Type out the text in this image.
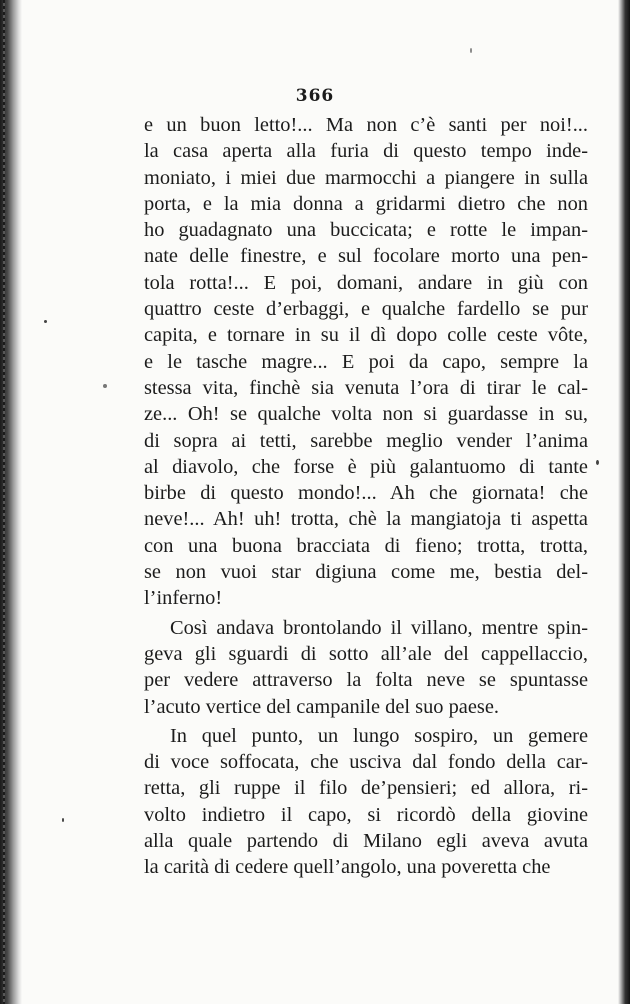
366
e un buon letto!... Ma non c’è santi per noi!...
la casa aperta alla furia di questo tempo inde-
moniato, i miei due marmocchi a piangere in sulla
porta, e la mia donna a gridarmi dietro che non
ho guadagnato una buccicata; e rotte le impan-
nate delle finestre, e sul focolare morto una pen-
tola rotta!... E poi, domani, andare in giù con
quattro ceste d’erbaggi, e qualche fardello se pur
capita, e tornare in su il dì dopo colle ceste vôte,
e le tasche magre... E poi da capo, sempre la
stessa vita, finchè sia venuta l’ora di tirar le cal-
ze... Oh! se qualche volta non si guardasse in su,
di sopra ai tetti, sarebbe meglio vender l’anima
al diavolo, che forse è più galantuomo di tante
birbe di questo mondo!... Ah che giornata! che
neve!... Ah! uh! trotta, chè la mangiatoja ti aspetta
con una buona bracciata di fieno; trotta, trotta,
se non vuoi star digiuna come me, bestia del-
l’inferno!
Così andava brontolando il villano, mentre spin-
geva gli sguardi di sotto all’ale del cappellaccio,
per vedere attraverso la folta neve se spuntasse
l’acuto vertice del campanile del suo paese.
In quel punto, un lungo sospiro, un gemere
di voce soffocata, che usciva dal fondo della car-
retta, gli ruppe il filo de’pensieri; ed allora, ri-
volto indietro il capo, si ricordò della giovine
alla quale partendo di Milano egli aveva avuta
la carità di cedere quell’angolo, una poveretta che
